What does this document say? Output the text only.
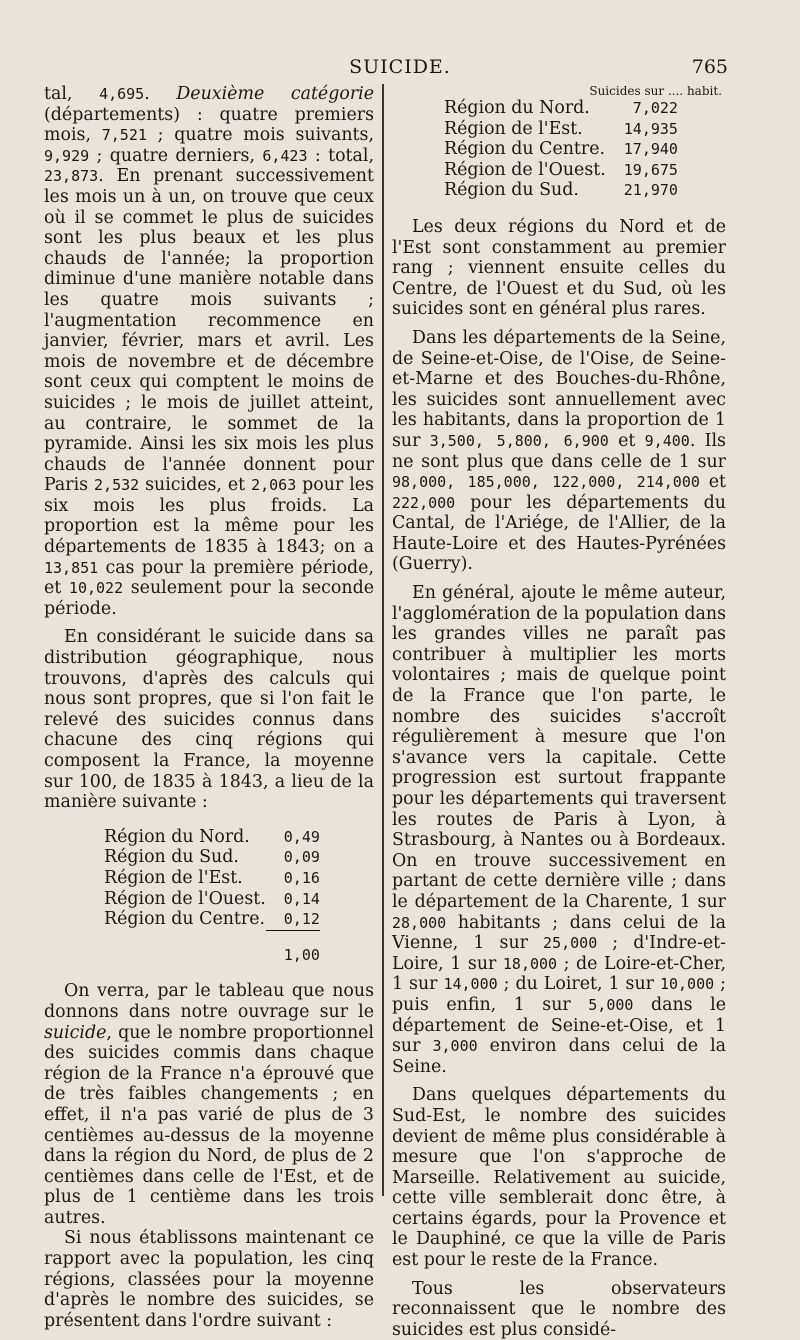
SUICIDE.	765

tal, 4,695. Deuxième catégorie (départements) : quatre premiers mois, 7,521 ; quatre mois suivants, 9,929 ; quatre derniers, 6,423 : total, 23,873. En prenant successivement les mois un à un, on trouve que ceux où il se commet le plus de suicides sont les plus beaux et les plus chauds de l'année; la proportion diminue d'une manière notable dans les quatre mois suivants ; l'augmentation recommence en janvier, février, mars et avril. Les mois de novembre et de décembre sont ceux qui comptent le moins de suicides ; le mois de juillet atteint, au contraire, le sommet de la pyramide. Ainsi les six mois les plus chauds de l'année donnent pour Paris 2,532 suicides, et 2,063 pour les six mois les plus froids. La proportion est la même pour les départements de 1835 à 1843; on a 13,851 cas pour la première période, et 10,022 seulement pour la seconde période.

En considérant le suicide dans sa distribution géographique, nous trouvons, d'après des calculs qui nous sont propres, que si l'on fait le relevé des suicides connus dans chacune des cinq régions qui composent la France, la moyenne sur 100, de 1835 à 1843, a lieu de la manière suivante :

Région du Nord.	0,49
Région du Sud.	0,09
Région de l'Est.	0,16
Région de l'Ouest.	0,14
Région du Centre.	0,12
	1,00

On verra, par le tableau que nous donnons dans notre ouvrage sur le suicide, que le nombre proportionnel des suicides commis dans chaque région de la France n'a éprouvé que de très faibles changements ; en effet, il n'a pas varié de plus de 3 centièmes au-dessus de la moyenne dans la région du Nord, de plus de 2 centièmes dans celle de l'Est, et de plus de 1 centième dans les trois autres.

Si nous établissons maintenant ce rapport avec la population, les cinq régions, classées pour la moyenne d'après le nombre des suicides, se présentent dans l'ordre suivant :

Suicides sur .... habit.
Région du Nord.	7,022
Région de l'Est.	14,935
Région du Centre.	17,940
Région de l'Ouest.	19,675
Région du Sud.	21,970

Les deux régions du Nord et de l'Est sont constamment au premier rang ; viennent ensuite celles du Centre, de l'Ouest et du Sud, où les suicides sont en général plus rares.

Dans les départements de la Seine, de Seine-et-Oise, de l'Oise, de Seine-et-Marne et des Bouches-du-Rhône, les suicides sont annuellement avec les habitants, dans la proportion de 1 sur 3,500, 5,800, 6,900 et 9,400. Ils ne sont plus que dans celle de 1 sur 98,000, 185,000, 122,000, 214,000 et 222,000 pour les départements du Cantal, de l'Ariége, de l'Allier, de la Haute-Loire et des Hautes-Pyrénées (Guerry).

En général, ajoute le même auteur, l'agglomération de la population dans les grandes villes ne paraît pas contribuer à multiplier les morts volontaires ; mais de quelque point de la France que l'on parte, le nombre des suicides s'accroît régulièrement à mesure que l'on s'avance vers la capitale. Cette progression est surtout frappante pour les départements qui traversent les routes de Paris à Lyon, à Strasbourg, à Nantes ou à Bordeaux. On en trouve successivement en partant de cette dernière ville ; dans le département de la Charente, 1 sur 28,000 habitants ; dans celui de la Vienne, 1 sur 25,000 ; d'Indre-et-Loire, 1 sur 18,000 ; de Loire-et-Cher, 1 sur 14,000 ; du Loiret, 1 sur 10,000 ; puis enfin, 1 sur 5,000 dans le département de Seine-et-Oise, et 1 sur 3,000 environ dans celui de la Seine.

Dans quelques départements du Sud-Est, le nombre des suicides devient de même plus considérable à mesure que l'on s'approche de Marseille. Relativement au suicide, cette ville semblerait donc être, à certains égards, pour la Provence et le Dauphiné, ce que la ville de Paris est pour le reste de la France.

Tous les observateurs reconnaissent que le nombre des suicides est plus considé-
